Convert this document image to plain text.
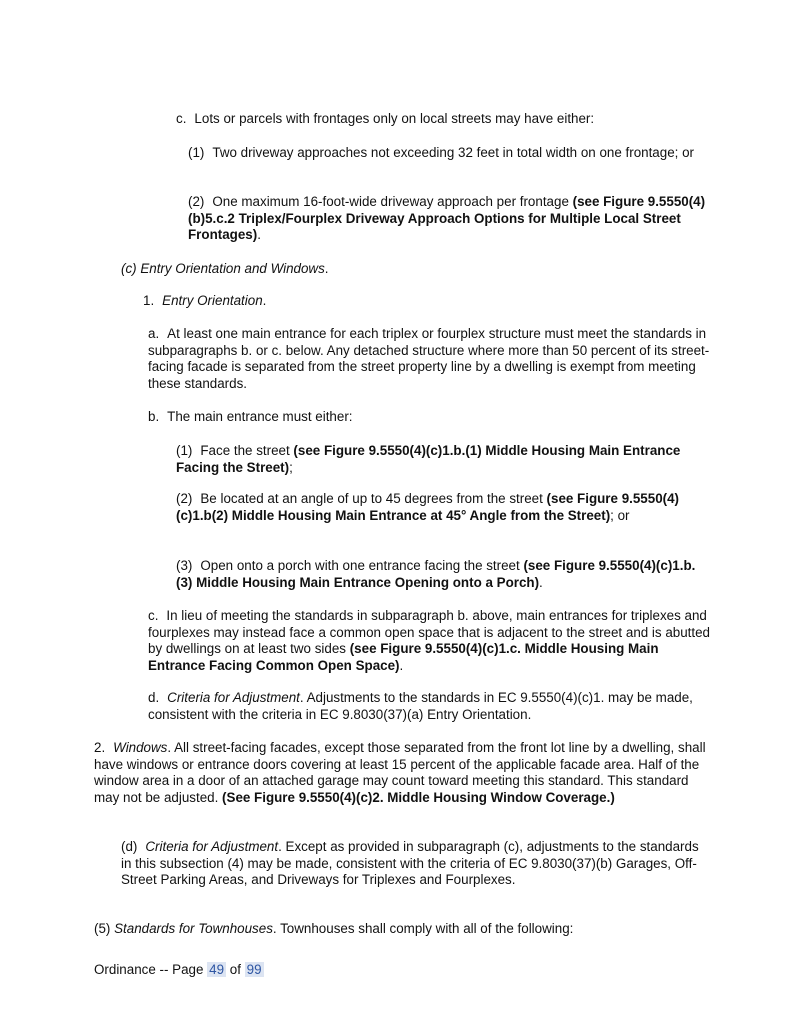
c. Lots or parcels with frontages only on local streets may have either:
(1) Two driveway approaches not exceeding 32 feet in total width on one frontage; or
(2) One maximum 16-foot-wide driveway approach per frontage (see Figure 9.5550(4)(b)5.c.2 Triplex/Fourplex Driveway Approach Options for Multiple Local Street Frontages).
(c) Entry Orientation and Windows.
1. Entry Orientation.
a. At least one main entrance for each triplex or fourplex structure must meet the standards in subparagraphs b. or c. below. Any detached structure where more than 50 percent of its street-facing facade is separated from the street property line by a dwelling is exempt from meeting these standards.
b. The main entrance must either:
(1) Face the street (see Figure 9.5550(4)(c)1.b.(1) Middle Housing Main Entrance Facing the Street);
(2) Be located at an angle of up to 45 degrees from the street (see Figure 9.5550(4)(c)1.b(2) Middle Housing Main Entrance at 45° Angle from the Street); or
(3) Open onto a porch with one entrance facing the street (see Figure 9.5550(4)(c)1.b.(3) Middle Housing Main Entrance Opening onto a Porch).
c. In lieu of meeting the standards in subparagraph b. above, main entrances for triplexes and fourplexes may instead face a common open space that is adjacent to the street and is abutted by dwellings on at least two sides (see Figure 9.5550(4)(c)1.c. Middle Housing Main Entrance Facing Common Open Space).
d. Criteria for Adjustment. Adjustments to the standards in EC 9.5550(4)(c)1. may be made, consistent with the criteria in EC 9.8030(37)(a) Entry Orientation.
2. Windows. All street-facing facades, except those separated from the front lot line by a dwelling, shall have windows or entrance doors covering at least 15 percent of the applicable facade area. Half of the window area in a door of an attached garage may count toward meeting this standard. This standard may not be adjusted. (See Figure 9.5550(4)(c)2. Middle Housing Window Coverage.)
(d) Criteria for Adjustment. Except as provided in subparagraph (c), adjustments to the standards in this subsection (4) may be made, consistent with the criteria of EC 9.8030(37)(b) Garages, Off-Street Parking Areas, and Driveways for Triplexes and Fourplexes.
(5) Standards for Townhouses. Townhouses shall comply with all of the following:
Ordinance -- Page 49 of 99
